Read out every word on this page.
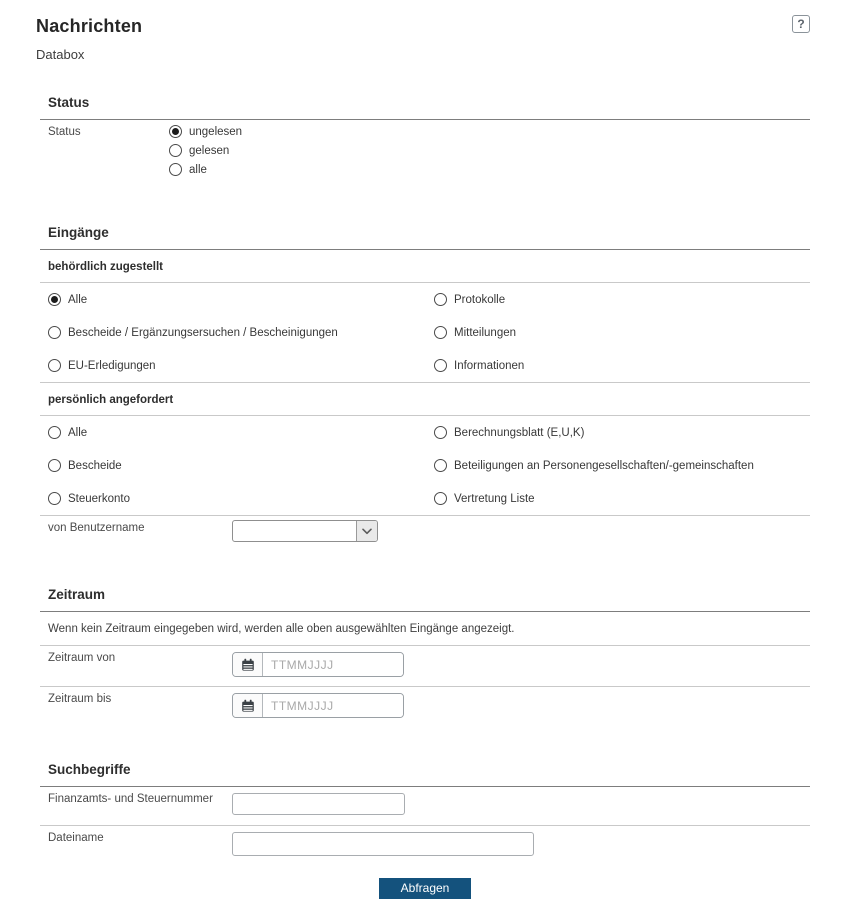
Nachrichten
Databox
?
Status
Status	ungelesen
gelesen
alle
Eingänge
behördlich zugestellt
Alle	Protokolle
Bescheide / Ergänzungsersuchen / Bescheinigungen	Mitteilungen
EU-Erledigungen	Informationen
persönlich angefordert
Alle	Berechnungsblatt (E,U,K)
Bescheide	Beteiligungen an Personengesellschaften/-gemeinschaften
Steuerkonto	Vertretung Liste
von Benutzername
Zeitraum
Wenn kein Zeitraum eingegeben wird, werden alle oben ausgewählten Eingänge angezeigt.
Zeitraum von
TTMMJJJJ
Zeitraum bis
TTMMJJJJ
Suchbegriffe
Finanzamts- und Steuernummer
Dateiname
Abfragen
